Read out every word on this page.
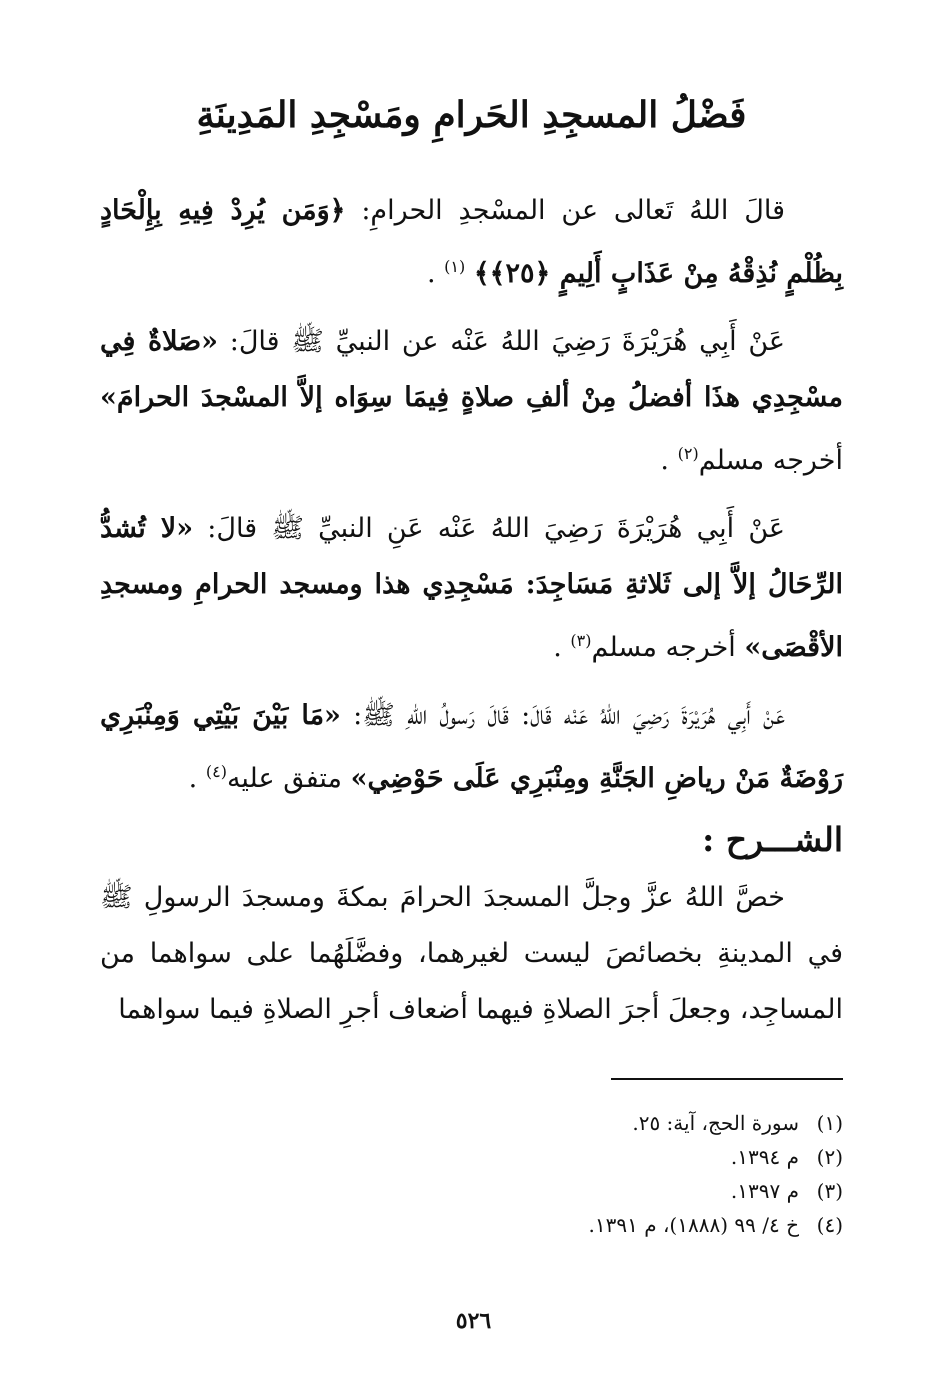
فَضْلُ المسجِدِ الحَرامِ ومَسْجِدِ المَدِينَةِ

قالَ اللهُ تَعالى عن المسْجدِ الحرامِ: ﴿وَمَن يُرِدْ فِيهِ بِإِلْحَادٍ بِظُلْمٍ نُذِقْهُ مِنْ عَذَابٍ أَلِيمٍ ﴿٢٥﴾﴾ $^{(١)}$ .

عَنْ أَبِي هُرَيْرَةَ رَضِيَ اللهُ عَنْه عن النبيِّ ﷺ قالَ: «صَلاةٌ فِي مسْجِدِي هذَا أفضلُ مِنْ ألفِ صلاةٍ فِيمَا سِوَاه إلاَّ المسْجدَ الحرامَ» أخرجه مسلم$^{(٢)}$ .

عَنْ أَبِي هُرَيْرَةَ رَضِيَ اللهُ عَنْه عَنِ النبيِّ ﷺ قالَ: «لا تُشدُّ الرِّحَالُ إلاَّ إلى ثَلاثةِ مَسَاجِدَ: مَسْجِدِي هذا ومسجد الحرامِ ومسجدِ الأقْصَى» أخرجه مسلم$^{(٣)}$ .

عَنْ أَبِي هُرَيْرَةَ رَضِيَ اللهُ عَنْه قَالَ: قَالَ رَسولُ اللهِ ﷺ: «مَا بَيْنَ بَيْتِي وَمِنْبَرِي رَوْضَةٌ مَنْ رياضِ الجَنَّةِ ومِنْبَرِي عَلَى حَوْضِي» متفق عليه$^{(٤)}$ .

الشـــرح :

خصَّ اللهُ عزَّ وجلَّ المسجدَ الحرامَ بمكةَ ومسجدَ الرسولِ ﷺ في المدينةِ بخصائصَ ليست لغيرهما، وفضَّلَهُما على سواهما من المساجِد، وجعلَ أجرَ الصلاةِ فيهما أضعاف أجرِ الصلاةِ فيما سواهما

(١)سورة الحج، آية: ٢٥.

(٢)م ١٣٩٤.

(٣)م ١٣٩٧.

(٤)خ ٤/ ٩٩ (١٨٨٨)، م ١٣٩١.

٥٢٦
